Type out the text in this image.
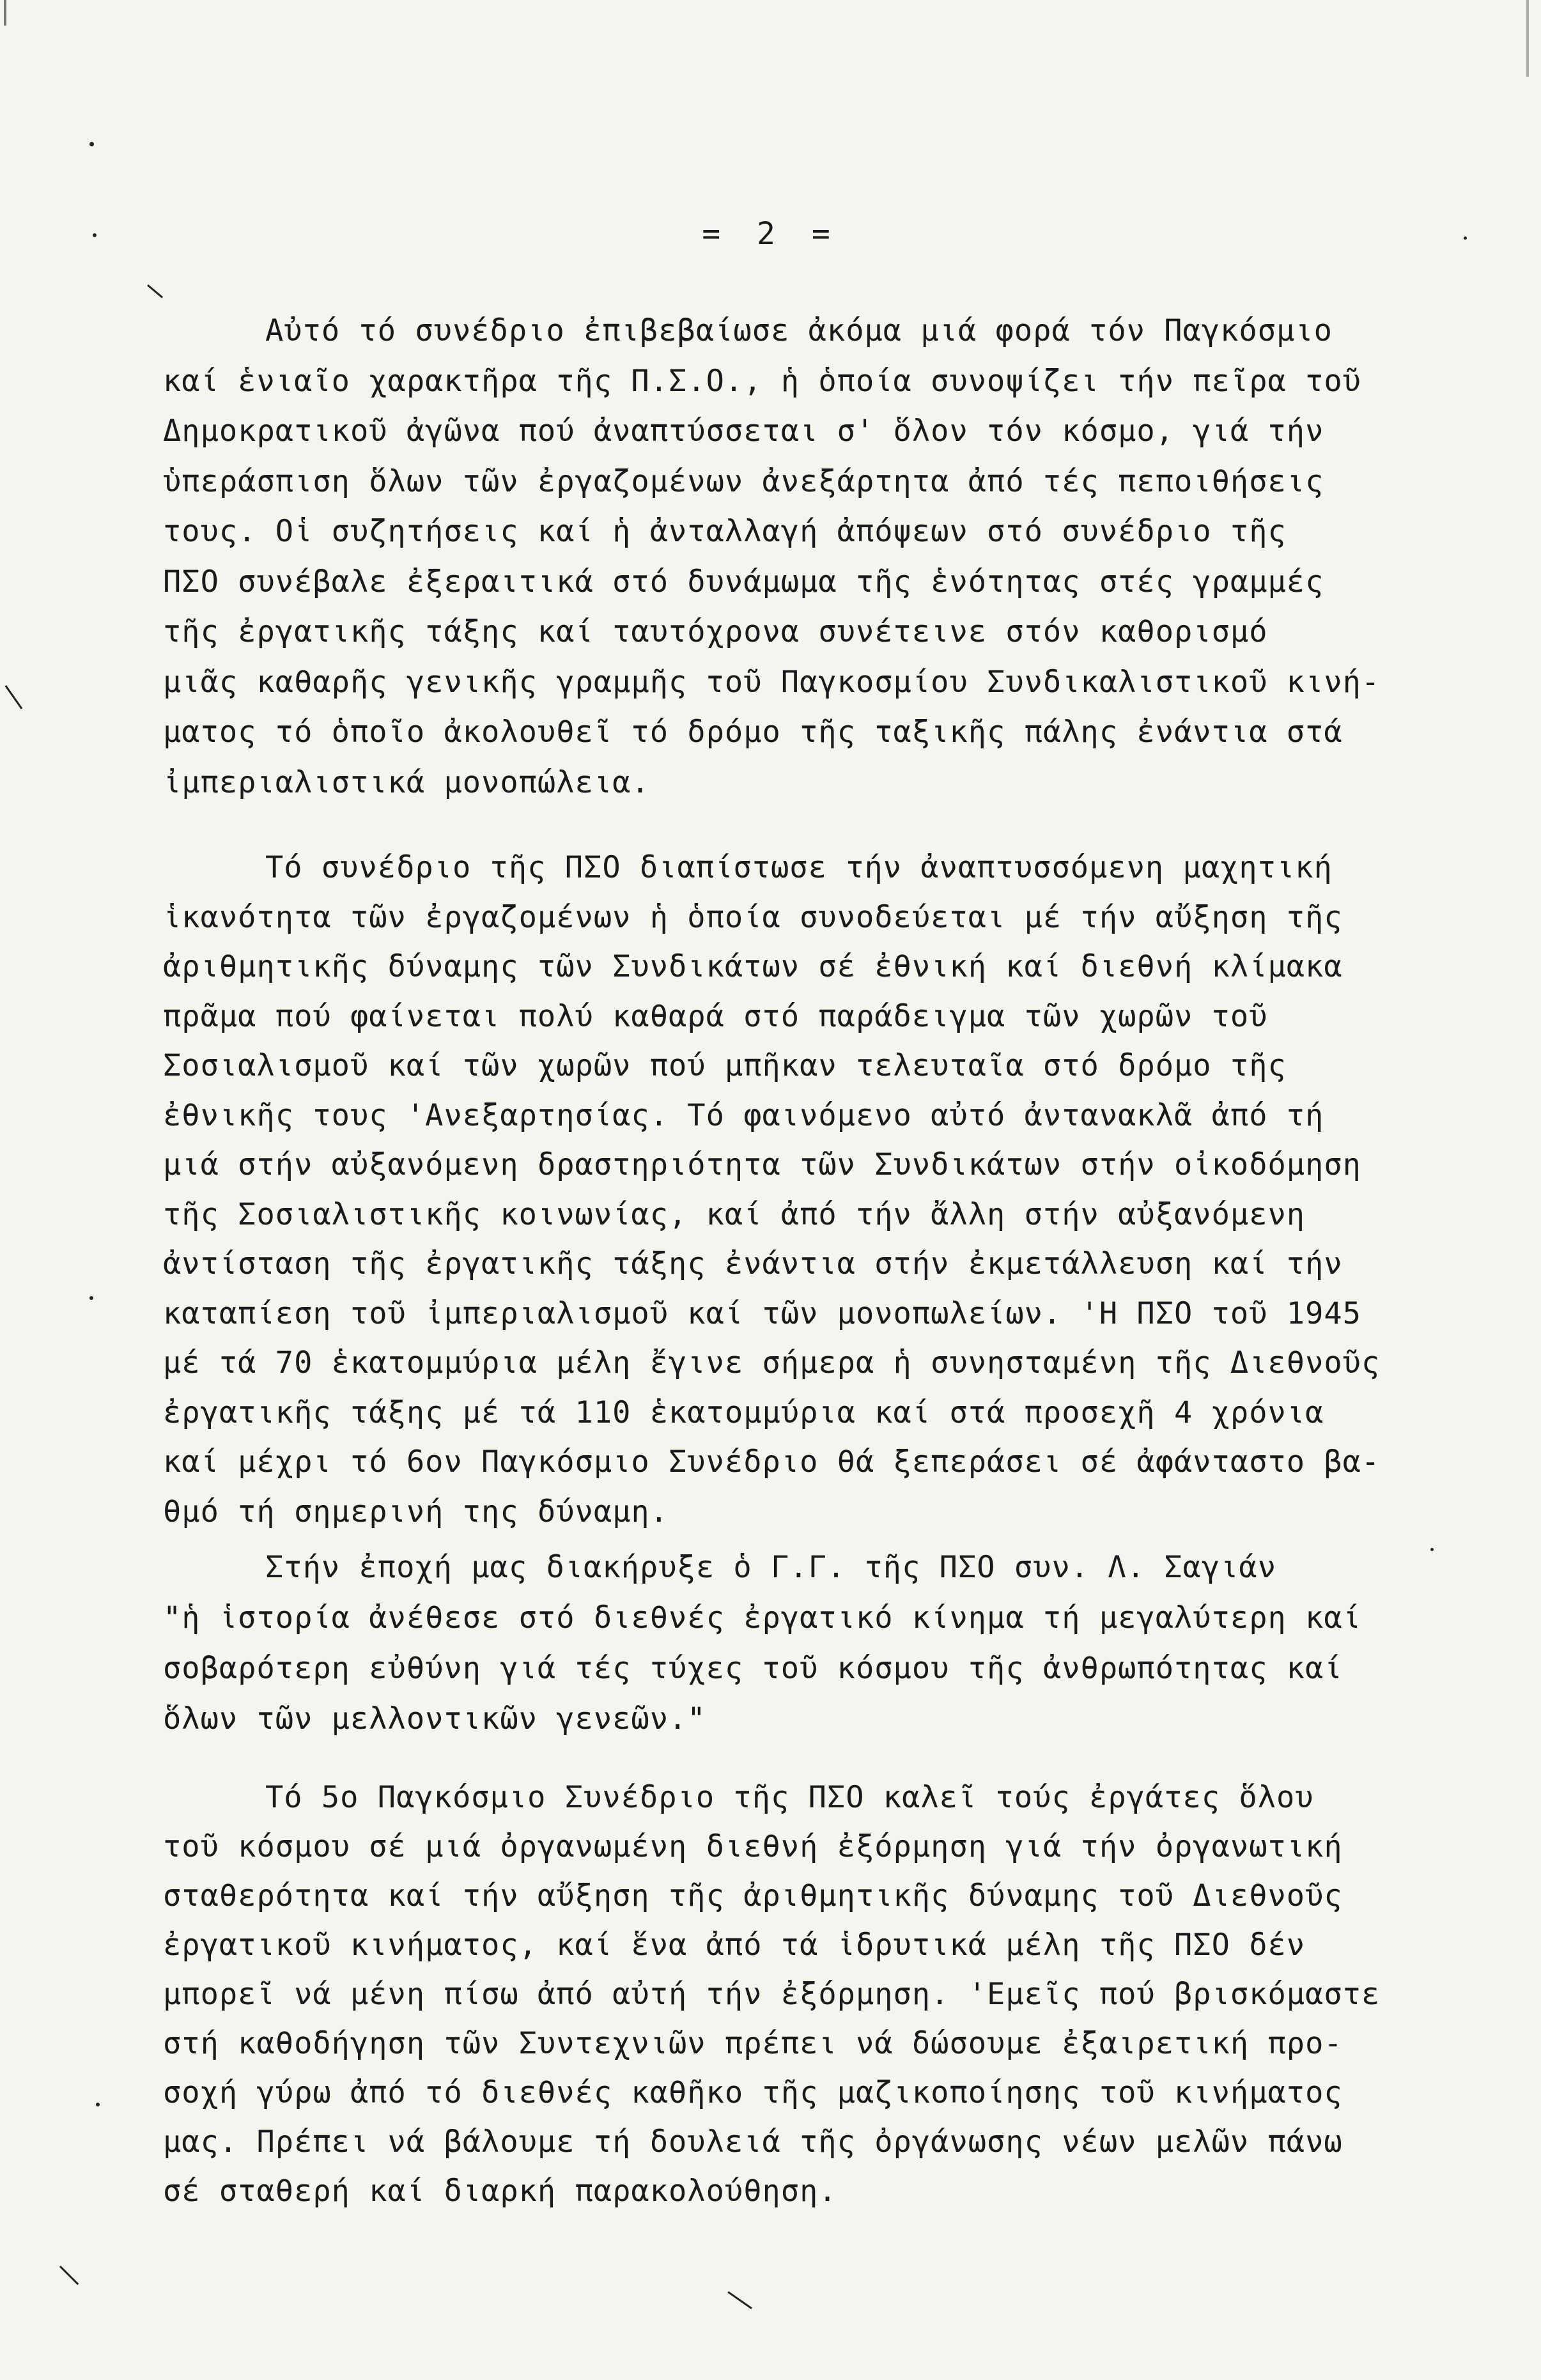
= 2 =
Αὐτό τό συνέδριο ἐπιβεβαίωσε ἀκόμα μιά φορά τόν Παγκόσμιο
καί ἑνιαῖο χαρακτῆρα τῆς Π.Σ.Ο., ἡ ὁποία συνοψίζει τήν πεῖρα τοῦ
Δημοκρατικοῦ ἀγῶνα πού ἀναπτύσσεται σ' ὅλον τόν κόσμο, γιά τήν
ὑπεράσπιση ὅλων τῶν ἐργαζομένων ἀνεξάρτητα ἀπό τές πεποιθήσεις
τους. Οἱ συζητήσεις καί ἡ ἀνταλλαγή ἀπόψεων στό συνέδριο τῆς
ΠΣΟ συνέβαλε ἐξεραιτικά στό δυνάμωμα τῆς ἑνότητας στές γραμμές
τῆς ἐργατικῆς τάξης καί ταυτόχρονα συνέτεινε στόν καθορισμό
μιᾶς καθαρῆς γενικῆς γραμμῆς τοῦ Παγκοσμίου Συνδικαλιστικοῦ κινή-
ματος τό ὁποῖο ἀκολουθεῖ τό δρόμο τῆς ταξικῆς πάλης ἐνάντια στά
ἰμπεριαλιστικά μονοπώλεια.
Τό συνέδριο τῆς ΠΣΟ διαπίστωσε τήν ἀναπτυσσόμενη μαχητική
ἱκανότητα τῶν ἐργαζομένων ἡ ὁποία συνοδεύεται μέ τήν αὔξηση τῆς
ἀριθμητικῆς δύναμης τῶν Συνδικάτων σέ ἐθνική καί διεθνή κλίμακα
πρᾶμα πού φαίνεται πολύ καθαρά στό παράδειγμα τῶν χωρῶν τοῦ
Σοσιαλισμοῦ καί τῶν χωρῶν πού μπῆκαν τελευταῖα στό δρόμο τῆς
ἐθνικῆς τους 'Ανεξαρτησίας. Τό φαινόμενο αὐτό ἀντανακλᾶ ἀπό τή
μιά στήν αὐξανόμενη δραστηριότητα τῶν Συνδικάτων στήν οἰκοδόμηση
τῆς Σοσιαλιστικῆς κοινωνίας, καί ἀπό τήν ἄλλη στήν αὐξανόμενη
ἀντίσταση τῆς ἐργατικῆς τάξης ἐνάντια στήν ἐκμετάλλευση καί τήν
καταπίεση τοῦ ἰμπεριαλισμοῦ καί τῶν μονοπωλείων. 'Η ΠΣΟ τοῦ 1945
μέ τά 70 ἑκατομμύρια μέλη ἔγινε σήμερα ἡ συνησταμένη τῆς Διεθνοῦς
ἐργατικῆς τάξης μέ τά 110 ἑκατομμύρια καί στά προσεχῆ 4 χρόνια
καί μέχρι τό 6ον Παγκόσμιο Συνέδριο θά ξεπεράσει σέ ἀφάνταστο βα-
θμό τή σημερινή της δύναμη.
Στήν ἐποχή μας διακήρυξε ὁ Γ.Γ. τῆς ΠΣΟ συν. Λ. Σαγιάν
"ἡ ἱστορία ἀνέθεσε στό διεθνές ἐργατικό κίνημα τή μεγαλύτερη καί
σοβαρότερη εὐθύνη γιά τές τύχες τοῦ κόσμου τῆς ἀνθρωπότητας καί
ὅλων τῶν μελλοντικῶν γενεῶν."
Τό 5ο Παγκόσμιο Συνέδριο τῆς ΠΣΟ καλεῖ τούς ἐργάτες ὅλου
τοῦ κόσμου σέ μιά ὀργανωμένη διεθνή ἐξόρμηση γιά τήν ὀργανωτική
σταθερότητα καί τήν αὔξηση τῆς ἀριθμητικῆς δύναμης τοῦ Διεθνοῦς
ἐργατικοῦ κινήματος, καί ἕνα ἀπό τά ἱδρυτικά μέλη τῆς ΠΣΟ δέν
μπορεῖ νά μένη πίσω ἀπό αὐτή τήν ἐξόρμηση. 'Εμεῖς πού βρισκόμαστε
στή καθοδήγηση τῶν Συντεχνιῶν πρέπει νά δώσουμε ἐξαιρετική προ-
σοχή γύρω ἀπό τό διεθνές καθῆκο τῆς μαζικοποίησης τοῦ κινήματος
μας. Πρέπει νά βάλουμε τή δουλειά τῆς ὀργάνωσης νέων μελῶν πάνω
σέ σταθερή καί διαρκή παρακολούθηση.
